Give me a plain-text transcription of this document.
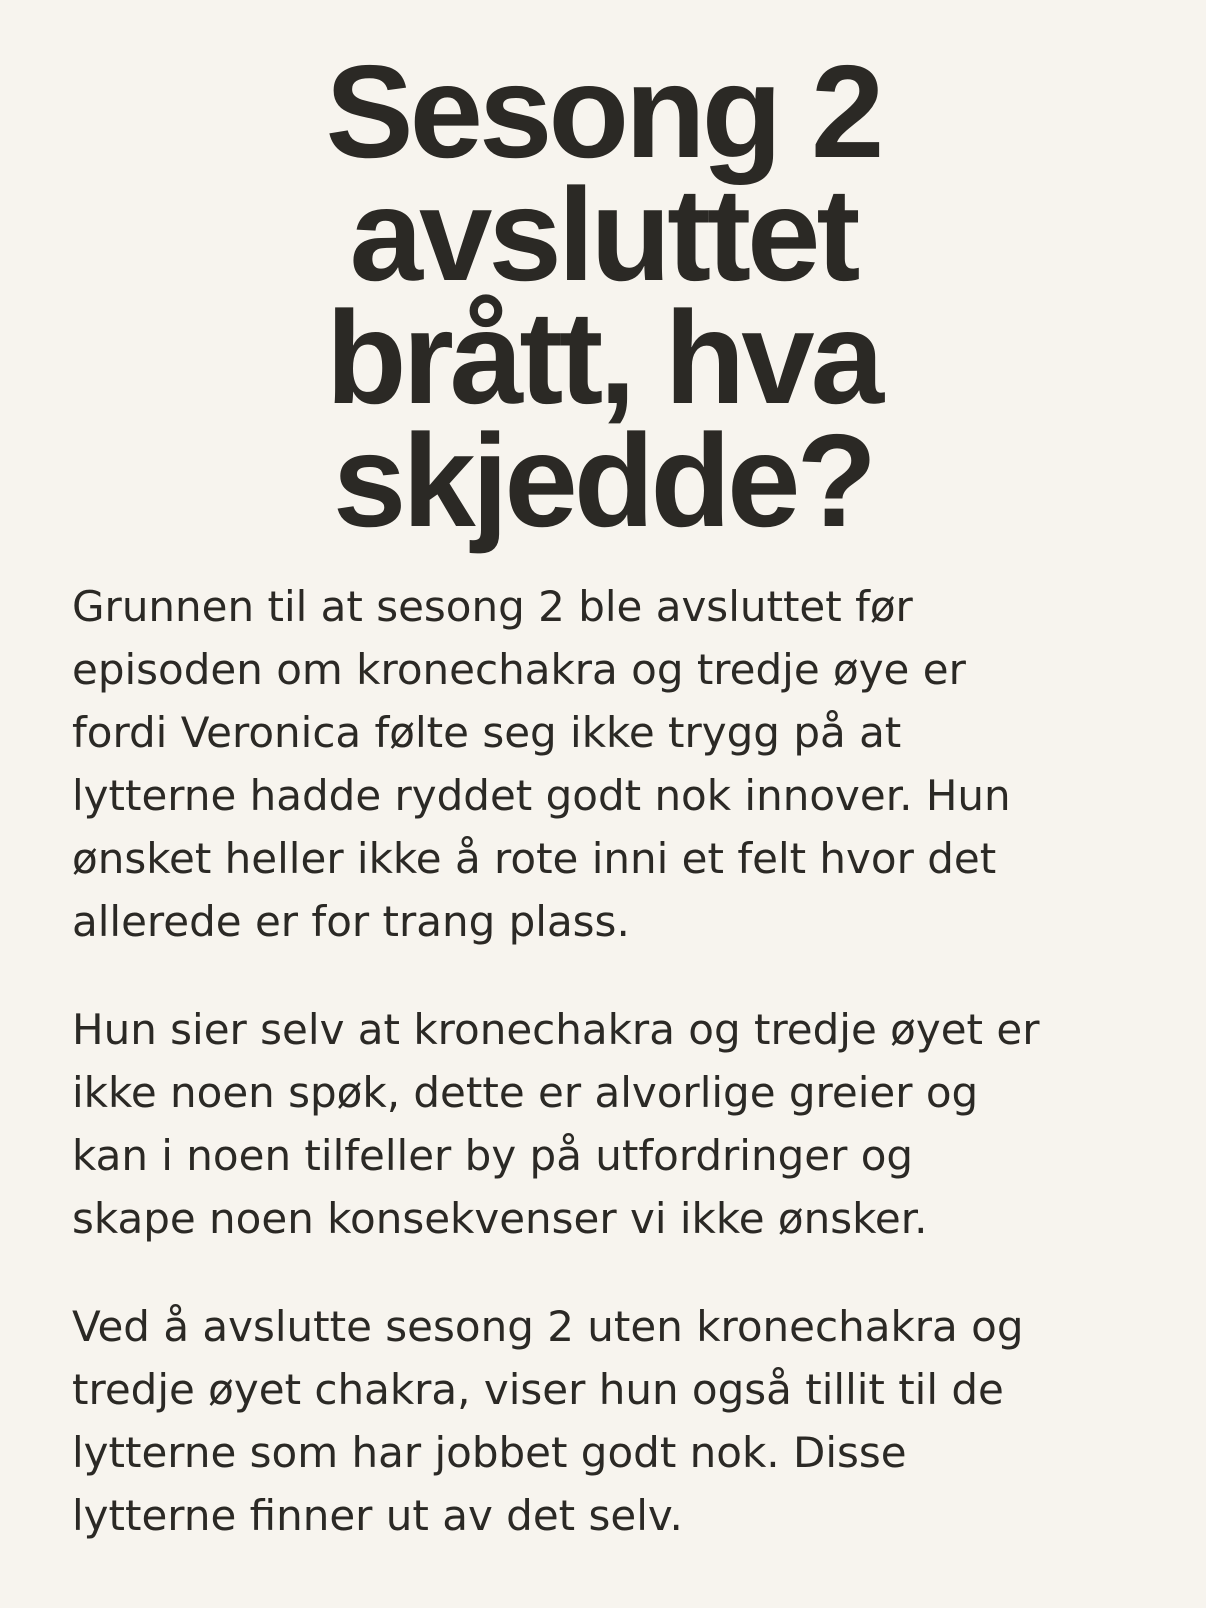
Sesong 2
avsluttet
brått, hva
skjedde?

Grunnen til at sesong 2 ble avsluttet før
episoden om kronechakra og tredje øye er
fordi Veronica følte seg ikke trygg på at
lytterne hadde ryddet godt nok innover. Hun
ønsket heller ikke å rote inni et felt hvor det
allerede er for trang plass.

Hun sier selv at kronechakra og tredje øyet er
ikke noen spøk, dette er alvorlige greier og
kan i noen tilfeller by på utfordringer og
skape noen konsekvenser vi ikke ønsker.

Ved å avslutte sesong 2 uten kronechakra og
tredje øyet chakra, viser hun også tillit til de
lytterne som har jobbet godt nok. Disse
lytterne finner ut av det selv.
